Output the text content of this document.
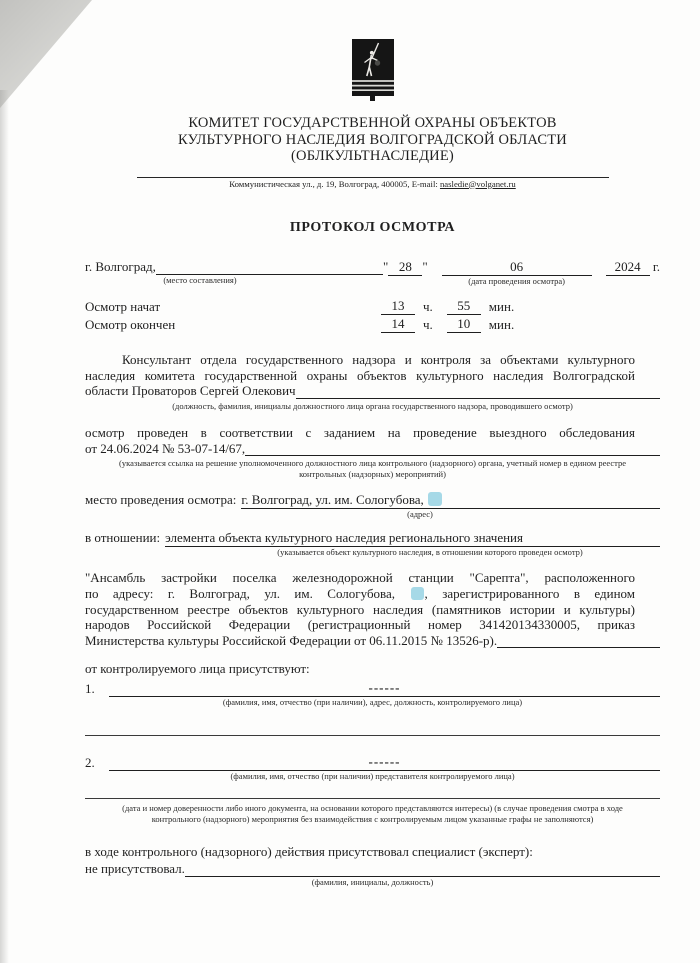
КОМИТЕТ ГОСУДАРСТВЕННОЙ ОХРАНЫ ОБЪЕКТОВ
КУЛЬТУРНОГО НАСЛЕДИЯ ВОЛГОГРАДСКОЙ ОБЛАСТИ
(ОБЛКУЛЬТНАСЛЕДИЕ)
Коммунистическая ул., д. 19, Волгоград, 400005, E-mail: nasledie@volganet.ru
ПРОТОКОЛ ОСМОТРА
г. Волгоград,
(место составления)
" 28 "	06
(дата проведения осмотра)
2024 г.
Осмотр начат	13	ч.	55	мин.
Осмотр окончен	14	ч.	10	мин.
Консультант отдела государственного надзора и контроля за объектами культурного
наследия комитета государственной охраны объектов культурного наследия Волгоградской
области Проваторов Сергей Олекович
(должность, фамилия, инициалы должностного лица органа государственного надзора, проводившего осмотр)
осмотр проведен в соответствии с заданием на проведение выездного обследования
от 24.06.2024 № 53-07-14/67,
(указывается ссылка на решение уполномоченного должностного лица контрольного (надзорного) органа, учетный номер в едином реестре
контрольных (надзорных) мероприятий)
место проведения осмотра: г. Волгоград, ул. им. Сологубова,
(адрес)
в отношении: элемента объекта культурного наследия регионального значения
(указывается объект культурного наследия, в отношении которого проведен осмотр)
"Ансамбль застройки поселка железнодорожной станции "Сарепта", расположенного
по адресу: г. Волгоград, ул. им. Сологубова, , зарегистрированного в едином
государственном реестре объектов культурного наследия (памятников истории и культуры)
народов Российской Федерации (регистрационный номер 341420134330005, приказ
Министерства культуры Российской Федерации от 06.11.2015 № 13526-р).
от контролируемого лица присутствуют:
1.	------
(фамилия, имя, отчество (при наличии), адрес, должность, контролируемого лица)
2.	------
(фамилия, имя, отчество (при наличии) представителя контролируемого лица)
(дата и номер доверенности либо иного документа, на основании которого представляются интересы) (в случае проведения смотра в ходе
контрольного (надзорного) мероприятия без взаимодействия с контролируемым лицом указанные графы не заполняются)
в ходе контрольного (надзорного) действия присутствовал специалист (эксперт):
не присутствовал.
(фамилия, инициалы, должность)
